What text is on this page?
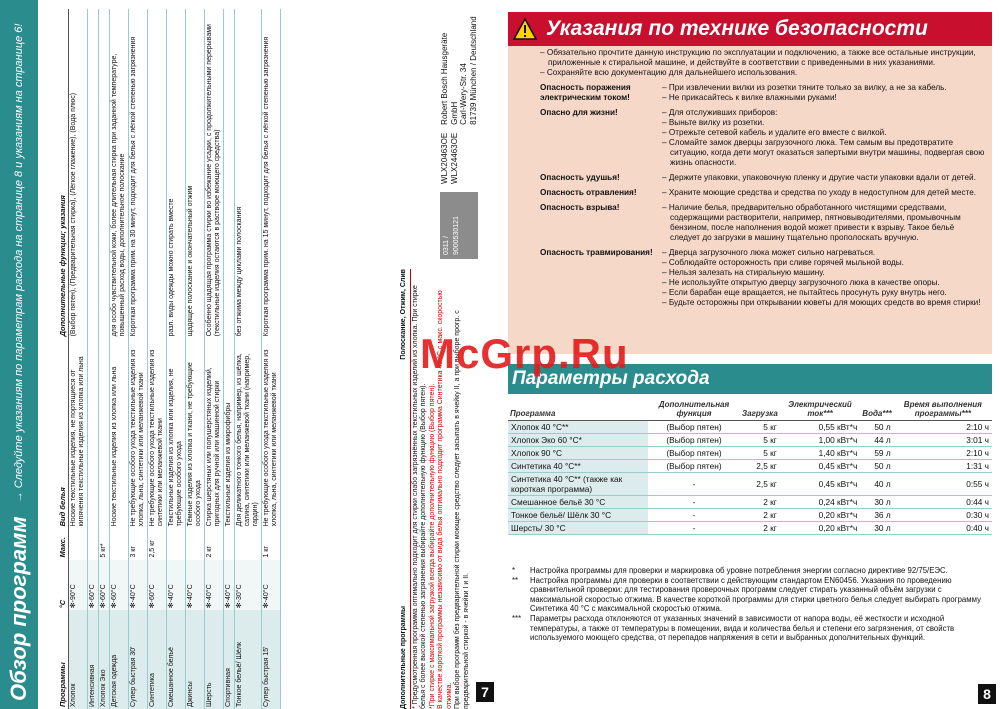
Обзор программ
→ Следуйте указаниям по параметрам расхода на странице 8 и указаниям на странице 6!
Программы	°C	Макс.	Вид белья	Дополнительные функции; указания
Хлопок	✻-90°C		Ноские текстильные изделия, не портящиеся от кипячения текстильные изделия из хлопка или льна	(Выбор пятен), (Предварительная стирка), (Лёгкое глажение), (Вода плюс)
Интенсивная	✻-60°C			
Хлопок Эко	✻-60°C	5 кг*		
Детская одежда	✻-60°C		Ноские текстильные изделия из хлопка или льна	для особо чувствительной кожи, более длительная стирка при заданной температуре, повышенный расход воды, дополнительное полоскание
Супер быстрая 30'	✻-40°C	3 кг	Не требующие особого ухода текстильные изделия из хлопка, льна, синтетики или меланжевой ткани	Короткая программа прим. на 30 минут, подходит для белья с лёгкой степенью загрязнения
Синтетика	✻-60°C	2,5 кг	Не требующие особого ухода текстильные изделия из синтетики или меланжевой ткани	
Смешанное бельё	✻-40°C		Текстильные изделия из хлопка или изделия, не требующие особого ухода	разл. виды одежды можно стирать вместе
Джинсы	✻-40°C		Тёмные изделия из хлопка и ткани, не требующие особого ухода	щадящее полоскание и окончательный отжим
Шерсть	✻-40°C	2 кг	Стирка шерстяных или полушерстяных изделий, пригодных для ручной или машинной стирки	Особенно щадящая программа стирки во избежание усадки, с продолжительными перерывами (текстильные изделия остаются в растворе моющего средства)
Спортивная	✻-40°C		Текстильные изделия из микрофибры	
Тонкое бельё/ Шёлк	✻-30°C		Для деликатного тонкого белья, например, из шёлка, сатина, синтетики или меланжевой ткани (например, гардин)	без отжима между циклами полоскания
Супер быстрая 15'	✻-40°C	1 кг	Не требующие особого ухода текстильные изделия из хлопка, льна, синтетики или меланжевой ткани	Короткая программа прим. на 15 минут, подходит для белья с лёгкой степенью загрязнения
Дополнительные программы
Полоскание, Отжим, Слив * Предусмотренная программа оптимально подходит для стирки слабо загрязнённых текстильных изделий из хлопка. При стирке белья с более высокой степенью загрязнения выбирайте дополнительную функцию (Выбор пятен). *При стирке с максимальной загрузкой всегда выбирайте дополнительную функцию (Выбор пятен). В качестве короткой программы независимо от вида белья оптимально подходит программа Синтетика 40 °C с макс. скоростью отжима. При выборе программ без предварительной стирки моющее средство следует засыпать в ячейку II, а при выборе прогр. с предварительной стиркой - в ячейки I и II.
0311 / 9000530121
WLX20463OE WLX24463OE
Robert Bosch Hausgeräte GmbH Carl-Wery-Str. 34 81739 München / Deutschland
7
Указания по технике безопасности
– Обязательно прочтите данную инструкцию по эксплуатации и подключению, а также все остальные инструкции, приложенные к стиральной машине, и действуйте в соответствии с приведенными в них указаниями.
– Сохраняйте всю документацию для дальнейшего использования.
Опасность поражения электрическим током!
– При извлечении вилки из розетки тяните только за вилку, а не за кабель.
– Не прикасайтесь к вилке влажными руками!
Опасно для жизни!	– Для отслуживших приборов:
– Выньте вилку из розетки.
– Отрежьте сетевой кабель и удалите его вместе с вилкой.
– Сломайте замок дверцы загрузочного люка. Тем самым вы предотвратите ситуацию, когда дети могут оказаться запертыми внутри машины, подвергая свою жизнь опасности.
Опасность удушья!	– Держите упаковки, упаковочную пленку и другие части упаковки вдали от детей.
Опасность отравления!	– Храните моющие средства и средства по уходу в недоступном для детей месте.
Опасность взрыва!	– Наличие белья, предварительно обработанного чистящими средствами, содержащими растворители, например, пятновыводителями, промывочным бензином, после наполнения водой может привести к взрыву. Такое бельё следует до загрузки в машину тщательно прополоскать вручную.
Опасность травмирования!	– Дверца загрузочного люка может сильно нагреваться.
– Соблюдайте осторожность при сливе горячей мыльной воды.
– Нельзя залезать на стиральную машину.
– Не используйте открытую дверцу загрузочного люка в качестве опоры.
– Если барабан еще вращается, не пытайтесь просунуть руку внутрь него.
– Будьте осторожны при открывании кюветы для моющих средств во время стирки!
Параметры расхода
Программа	Дополнительная функция	Загрузка	Электрический ток***	Вода***	Время выполнения программы***
Хлопок 40 °C**	(Выбор пятен)	5 кг	0,55 кВт*ч	50 л	2:10 ч
Хлопок Эко 60 °C*	(Выбор пятен)	5 кг	1,00 кВт*ч	44 л	3:01 ч
Хлопок 90 °C	(Выбор пятен)	5 кг	1,40 кВт*ч	59 л	2:10 ч
Синтетика 40 °C**	(Выбор пятен)	2,5 кг	0,45 кВт*ч	50 л	1:31 ч
Синтетика 40 °C** (также как короткая программа)	-	2,5 кг	0,45 кВт*ч	40 л	0:55 ч
Смешанное бельё 30 °C	-	2 кг	0,24 кВт*ч	30 л	0:44 ч
Тонкое бельё/ Шёлк 30 °C	-	2 кг	0,20 кВт*ч	36 л	0:30 ч
Шерсть/ 30 °C	-	2 кг	0,20 кВт*ч	30 л	0:40 ч
*	Настройка программы для проверки и маркировка об уровне потребления энергии согласно директиве 92/75/ЕЭС.
**	Настройка программы для проверки в соответствии с действующим стандартом EN60456. Указания по проведению сравнительной проверки: для тестирования проверочных программ следует стирать указанный объём загрузки с максимальной скоростью отжима. В качестве короткой программы для стирки цветного белья следует выбирать программу Синтетика 40 °C с максимальной скоростью отжима.
***	Параметры расхода отклоняются от указанных значений в зависимости от напора воды, её жесткости и исходной температуры, а также от температуры в помещении, вида и количества белья и степени его загрязнения, от свойств используемого моющего средства, от перепадов напряжения в сети и выбранных дополнительных функций.
8
McGrp.Ru
